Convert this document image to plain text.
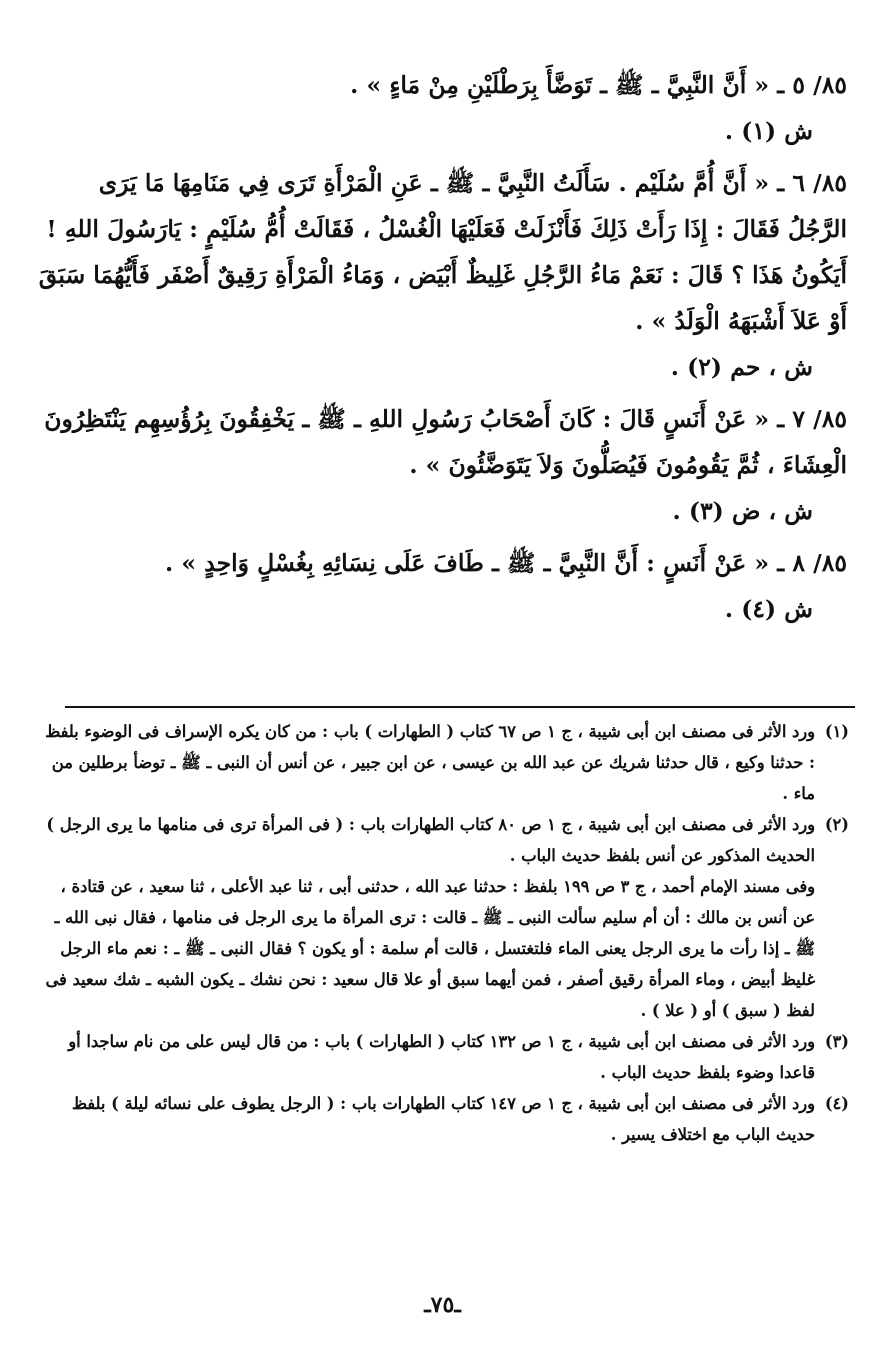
٨٥/ ٥ ـ « أَنَّ النَّبِيَّ ـ ﷺ ـ تَوَضَّأَ بِرَطْلَيْنِ مِنْ مَاءٍ » .

ش (١) .

٨٥/ ٦ ـ « أَنَّ أُمَّ سُلَيْم . سَأَلَتُ النَّبِيَّ ـ ﷺ ـ عَنِ الْمَرْأَةِ تَرَى فِي مَنَامِهَا مَا يَرَى الرَّجُلُ فَقَالَ : إِذَا رَأَتْ ذَلِكَ فَأَنْزَلَتْ فَعَلَيْهَا الْغُسْلُ ، فَقَالَتْ أُمُّ سُلَيْمٍ : يَارَسُولَ اللهِ ! أَيَكُونُ هَذَا ؟ قَالَ : نَعَمْ مَاءُ الرَّجُلِ غَلِيظٌ أَبْيَض ، وَمَاءُ الْمَرْأَةِ رَقِيقٌ أَصْفَر فَأَيُّهُمَا سَبَقَ أَوْ عَلاَ أَشْبَهَهُ الْوَلَدُ » .

ش ، حم (٢) .

٨٥/ ٧ ـ « عَنْ أَنَسٍ قَالَ : كَانَ أَصْحَابُ رَسُولِ اللهِ ـ ﷺ ـ يَخْفِقُونَ بِرُؤُسِهِم يَنْتَظِرُونَ الْعِشَاءَ ، ثُمَّ يَقُومُونَ فَيُصَلُّونَ وَلاَ يَتَوَضَّئُونَ » .

ش ، ض (٣) .

٨٥/ ٨ ـ « عَنْ أَنَسٍ : أَنَّ النَّبِيَّ ـ ﷺ ـ طَافَ عَلَى نِسَائِهِ بِغُسْلٍ وَاحِدٍ » .

ش (٤) .

(١)ورد الأثر فى مصنف ابن أبى شيبة ، ج ١ ص ٦٧ كتاب ( الطهارات ) باب : من كان يكره الإسراف فى الوضوء بلفظ : حدثنا وكيع ، قال حدثنا شريك عن عبد الله بن عيسى ، عن ابن جبير ، عن أنس أن النبى ـ ﷺ ـ توضأ برطلين من ماء .

(٢)ورد الأثر فى مصنف ابن أبى شيبة ، ج ١ ص ٨٠ كتاب الطهارات باب : ( فى المرأة ترى فى منامها ما يرى الرجل ) الحديث المذكور عن أنس بلفظ حديث الباب .

وفى مسند الإمام أحمد ، ج ٣ ص ١٩٩ بلفظ : حدثنا عبد الله ، حدثنى أبى ، ثنا عبد الأعلى ، ثنا سعيد ، عن قتادة ، عن أنس بن مالك : أن أم سليم سألت النبى ـ ﷺ ـ قالت : ترى المرأة ما يرى الرجل فى منامها ، فقال نبى الله ـ ﷺ ـ إذا رأت ما يرى الرجل يعنى الماء فلتغتسل ، قالت أم سلمة : أو يكون ؟ فقال النبى ـ ﷺ ـ : نعم ماء الرجل غليظ أبيض ، وماء المرأة رقيق أصفر ، فمن أيهما سبق أو علا قال سعيد : نحن نشك ـ يكون الشبه ـ شك سعيد فى لفظ ( سبق ) أو ( علا ) .

(٣)ورد الأثر فى مصنف ابن أبى شيبة ، ج ١ ص ١٣٢ كتاب ( الطهارات ) باب : من قال ليس على من نام ساجدا أو قاعدا وضوء بلفظ حديث الباب .

(٤)ورد الأثر فى مصنف ابن أبى شيبة ، ج ١ ص ١٤٧ كتاب الطهارات باب : ( الرجل يطوف على نسائه ليلة ) بلفظ حديث الباب مع اختلاف يسير .

ـ٧٥ـ
